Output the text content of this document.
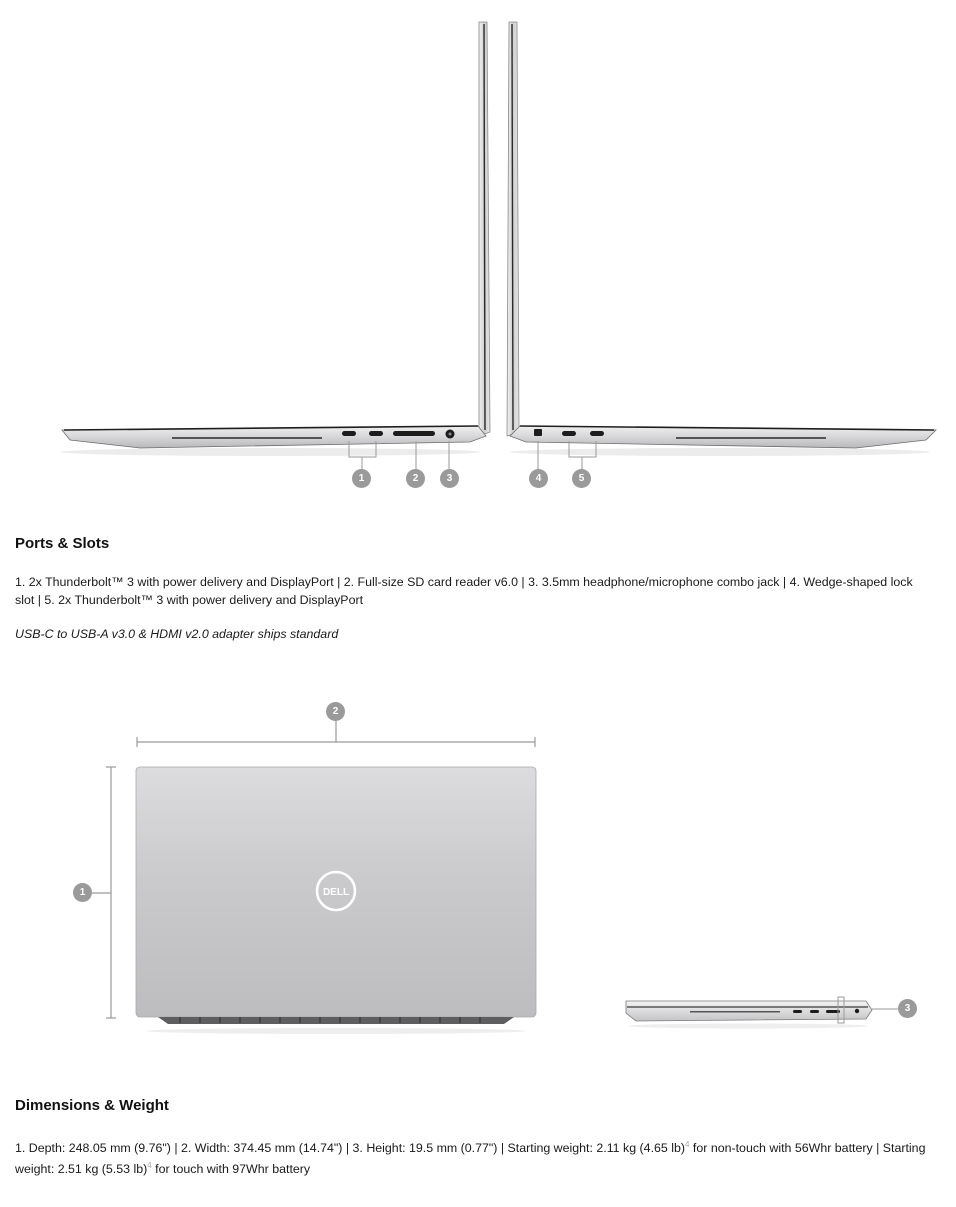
1	2	3	4	5
Ports & Slots

1. 2x Thunderbolt™ 3 with power delivery and DisplayPort | 2. Full-size SD card reader v6.0 | 3. 3.5mm headphone/microphone combo jack | 4. Wedge-shaped lock slot | 5. 2x Thunderbolt™ 3 with power delivery and DisplayPort

USB-C to USB-A v3.0 & HDMI v2.0 adapter ships standard

DELL
1
2
3
Dimensions & Weight

1. Depth: 248.05 mm (9.76") | 2. Width: 374.45 mm (14.74") | 3. Height: 19.5 mm (0.77") | Starting weight: 2.11 kg (4.65 lb)$^4$ for non-touch with 56Whr battery | Starting weight: 2.51 kg (5.53 lb)$^4$ for touch with 97Whr battery
